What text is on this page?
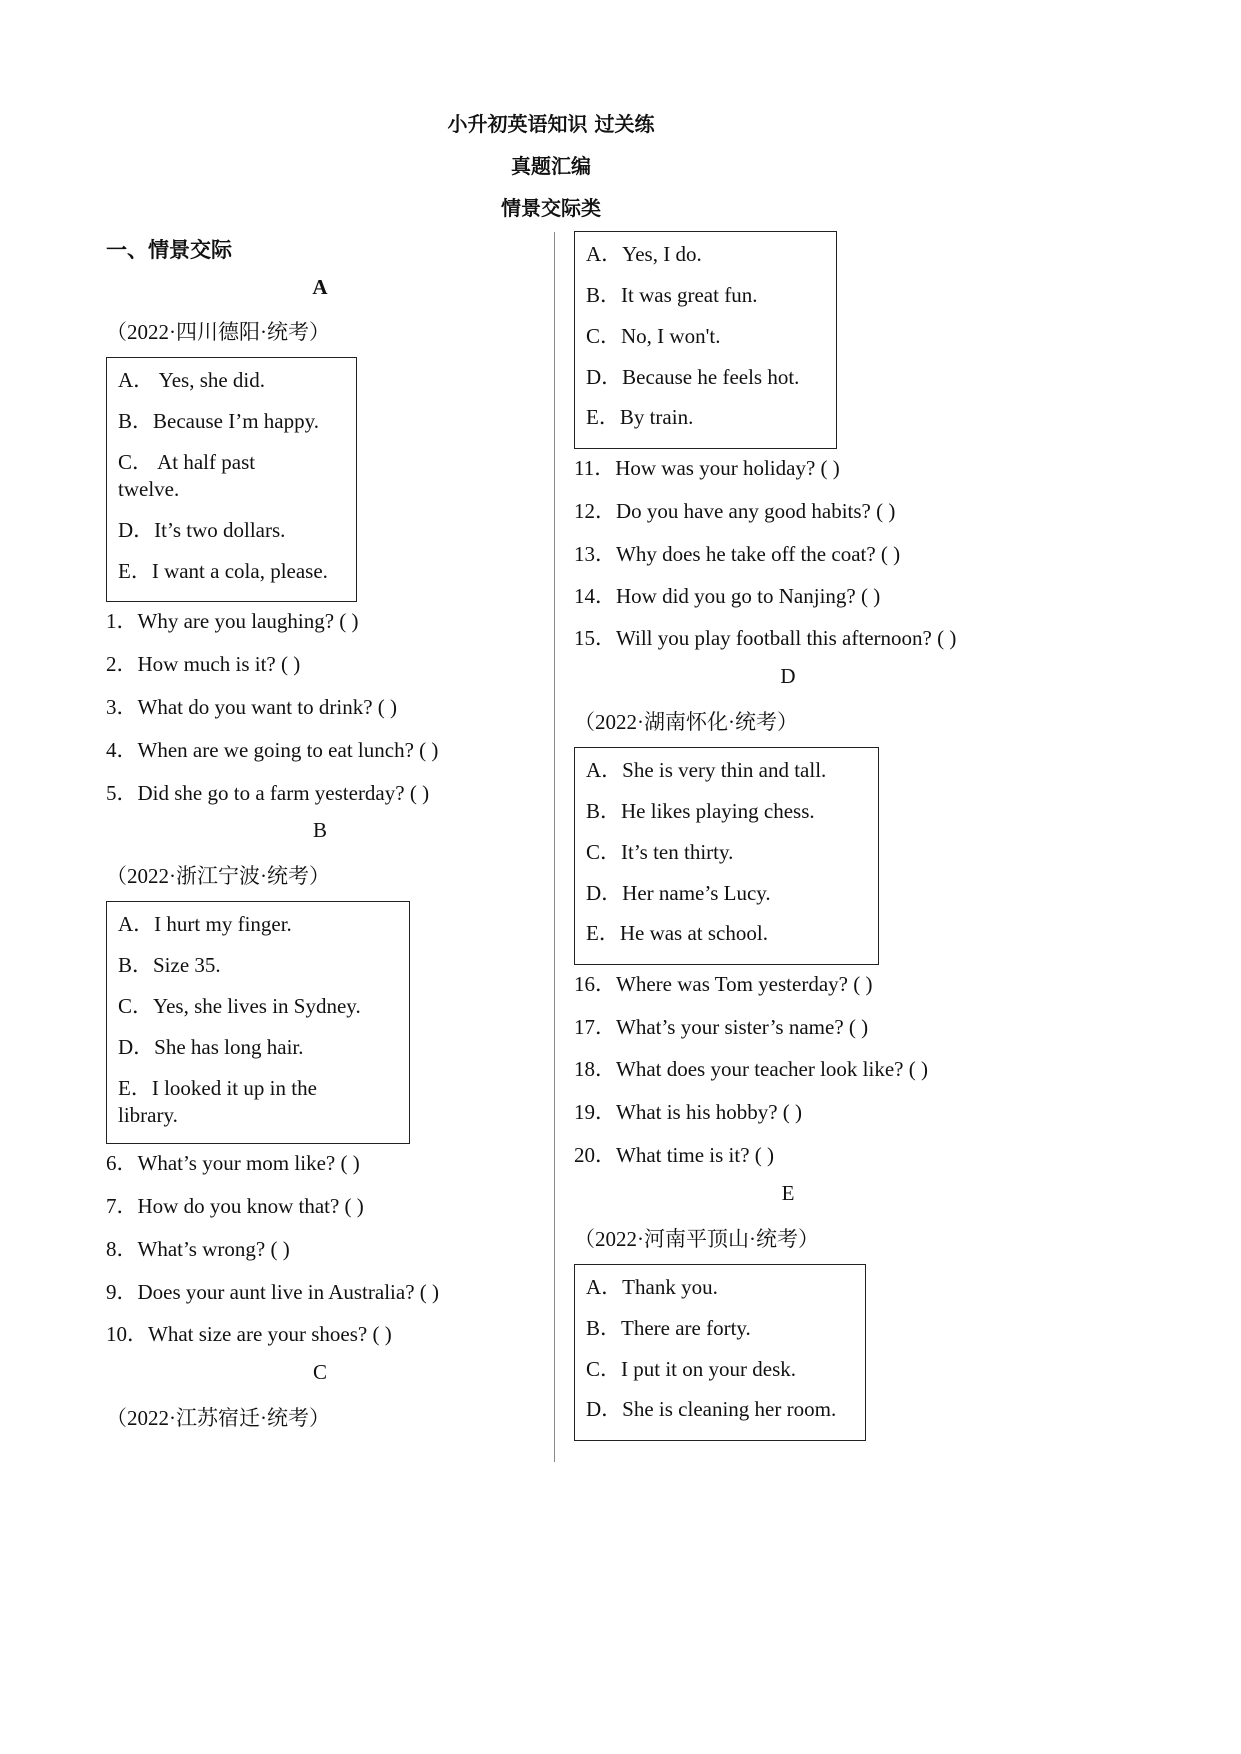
小升初英语知识 过关练
真题汇编
情景交际类
一、情景交际
A
（2022·四川德阳·统考）
A． Yes, she did.
B．Because I’m happy.
C． At half past
twelve.
D．It’s two dollars.
E．I want a cola, please.
1．Why are you laughing? ( )
2．How much is it? ( )
3．What do you want to drink? ( )
4．When are we going to eat lunch? ( )
5．Did she go to a farm yesterday? ( )
B
（2022·浙江宁波·统考）
A．I hurt my finger.
B．Size 35.
C．Yes, she lives in Sydney.
D．She has long hair.
E．I looked it up in the
library.
6．What’s your mom like? ( )
7．How do you know that? ( )
8．What’s wrong? ( )
9．Does your aunt live in Australia? ( )
10．What size are your shoes? ( )
C
（2022·江苏宿迁·统考）
A．Yes, I do.
B．It was great fun.
C．No, I won't.
D．Because he feels hot.
E．By train.
11．How was your holiday? ( )
12．Do you have any good habits? ( )
13．Why does he take off the coat? ( )
14．How did you go to Nanjing? ( )
15．Will you play football this afternoon? ( )
D
（2022·湖南怀化·统考）
A．She is very thin and tall.
B．He likes playing chess.
C．It’s ten thirty.
D．Her name’s Lucy.
E．He was at school.
16．Where was Tom yesterday? ( )
17．What’s your sister’s name? ( )
18．What does your teacher look like? ( )
19．What is his hobby? ( )
20．What time is it? ( )
E
（2022·河南平顶山·统考）
A．Thank you.
B．There are forty.
C．I put it on your desk.
D．She is cleaning her room.
